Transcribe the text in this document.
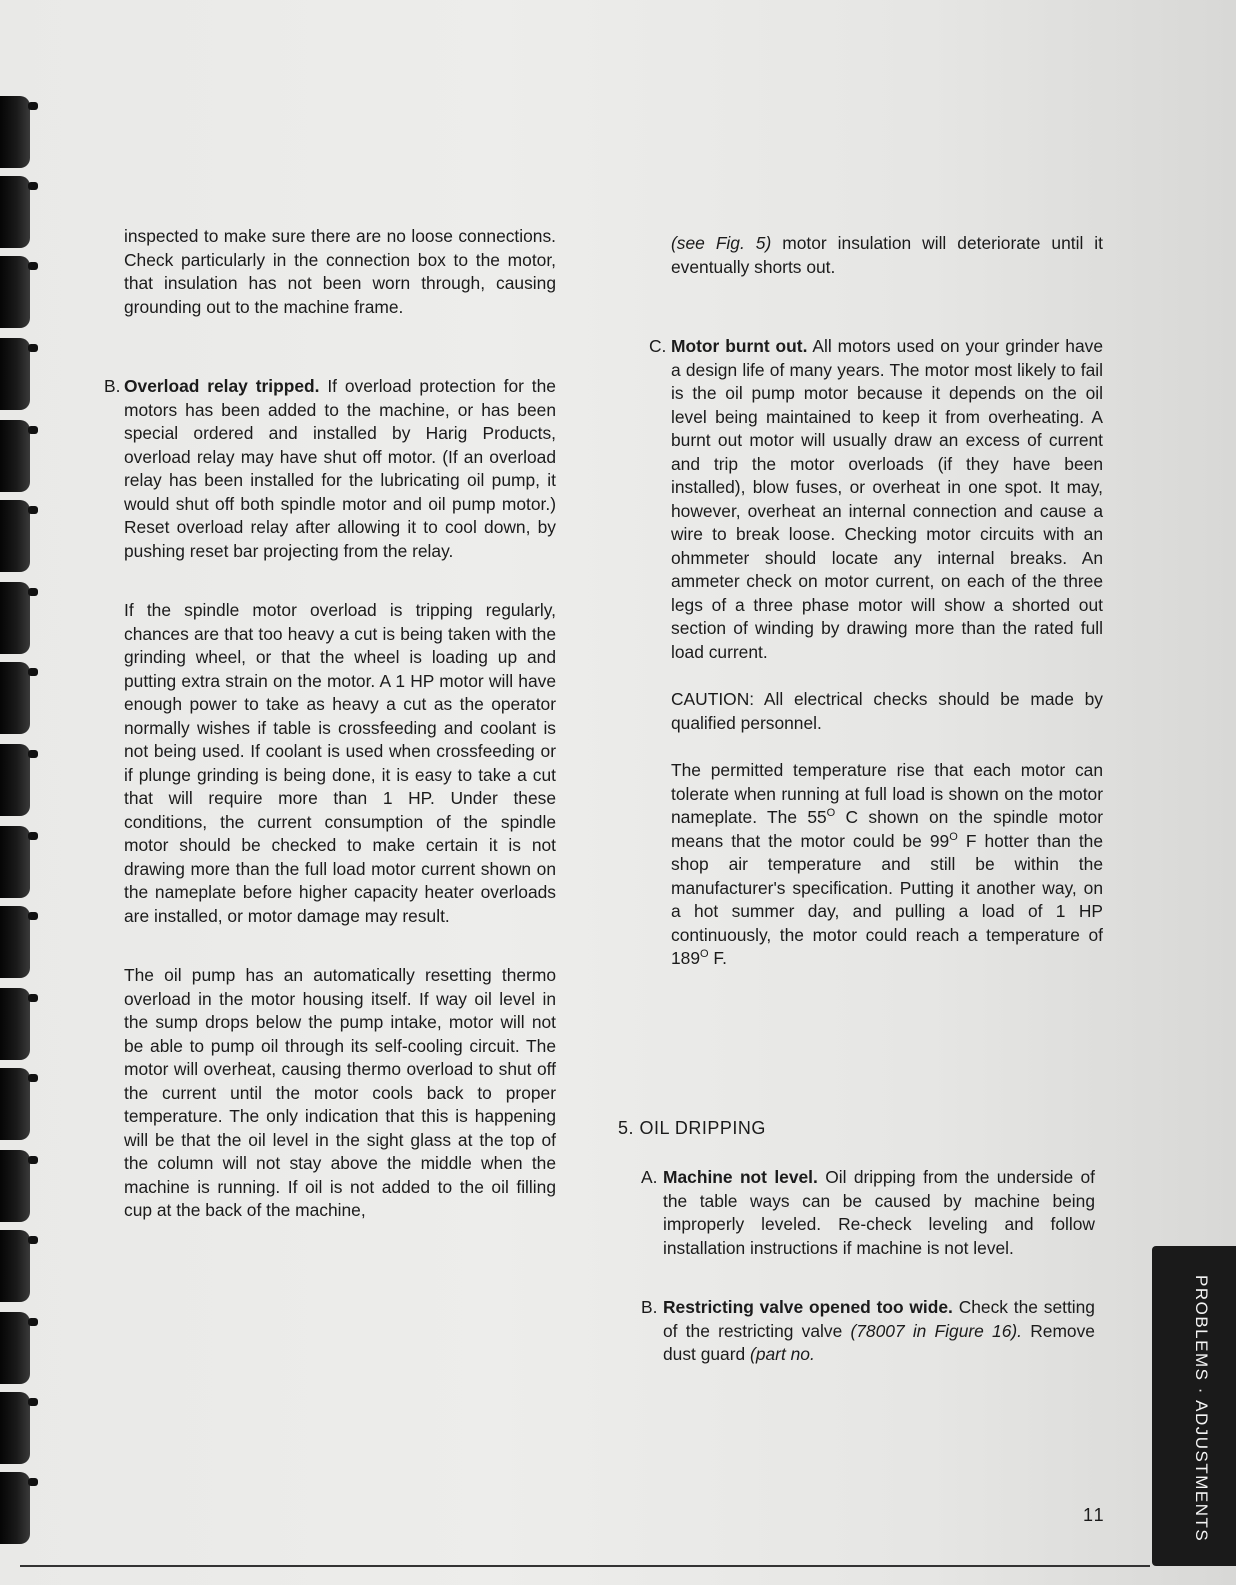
inspected to make sure there are no loose connections. Check particularly in the connection box to the motor, that insulation has not been worn through, causing grounding out to the machine frame.

B. Overload relay tripped. If overload protection for the motors has been added to the machine, or has been special ordered and installed by Harig Products, overload relay may have shut off motor. (If an overload relay has been installed for the lubricating oil pump, it would shut off both spindle motor and oil pump motor.) Reset overload relay after allowing it to cool down, by pushing reset bar projecting from the relay.

If the spindle motor overload is tripping regularly, chances are that too heavy a cut is being taken with the grinding wheel, or that the wheel is loading up and putting extra strain on the motor. A 1 HP motor will have enough power to take as heavy a cut as the operator normally wishes if table is crossfeeding and coolant is not being used. If coolant is used when crossfeeding or if plunge grinding is being done, it is easy to take a cut that will require more than 1 HP. Under these conditions, the current consumption of the spindle motor should be checked to make certain it is not drawing more than the full load motor current shown on the nameplate before higher capacity heater overloads are installed, or motor damage may result.

The oil pump has an automatically resetting thermo overload in the motor housing itself. If way oil level in the sump drops below the pump intake, motor will not be able to pump oil through its self-cooling circuit. The motor will overheat, causing thermo overload to shut off the current until the motor cools back to proper temperature. The only indication that this is happening will be that the oil level in the sight glass at the top of the column will not stay above the middle when the machine is running. If oil is not added to the oil filling cup at the back of the machine,

(see Fig. 5) motor insulation will deteriorate until it eventually shorts out.

C. Motor burnt out. All motors used on your grinder have a design life of many years. The motor most likely to fail is the oil pump motor because it depends on the oil level being maintained to keep it from overheating. A burnt out motor will usually draw an excess of current and trip the motor overloads (if they have been installed), blow fuses, or overheat in one spot. It may, however, overheat an internal connection and cause a wire to break loose. Checking motor circuits with an ohmmeter should locate any internal breaks. An ammeter check on motor current, on each of the three legs of a three phase motor will show a shorted out section of winding by drawing more than the rated full load current.

CAUTION: All electrical checks should be made by qualified personnel.

The permitted temperature rise that each motor can tolerate when running at full load is shown on the motor nameplate. The $55^O$ C shown on the spindle motor means that the motor could be $99^O$ F hotter than the shop air temperature and still be within the manufacturer's specification. Putting it another way, on a hot summer day, and pulling a load of 1 HP continuously, the motor could reach a temperature of $189^O$ F.

5. OIL DRIPPING
A. Machine not level. Oil dripping from the underside of the table ways can be caused by machine being improperly leveled. Re-check leveling and follow installation instructions if machine is not level.

B. Restricting valve opened too wide. Check the setting of the restricting valve (78007 in Figure 16). Remove dust guard (part no.	PROBLEMS · ADJUSTMENTS
11
